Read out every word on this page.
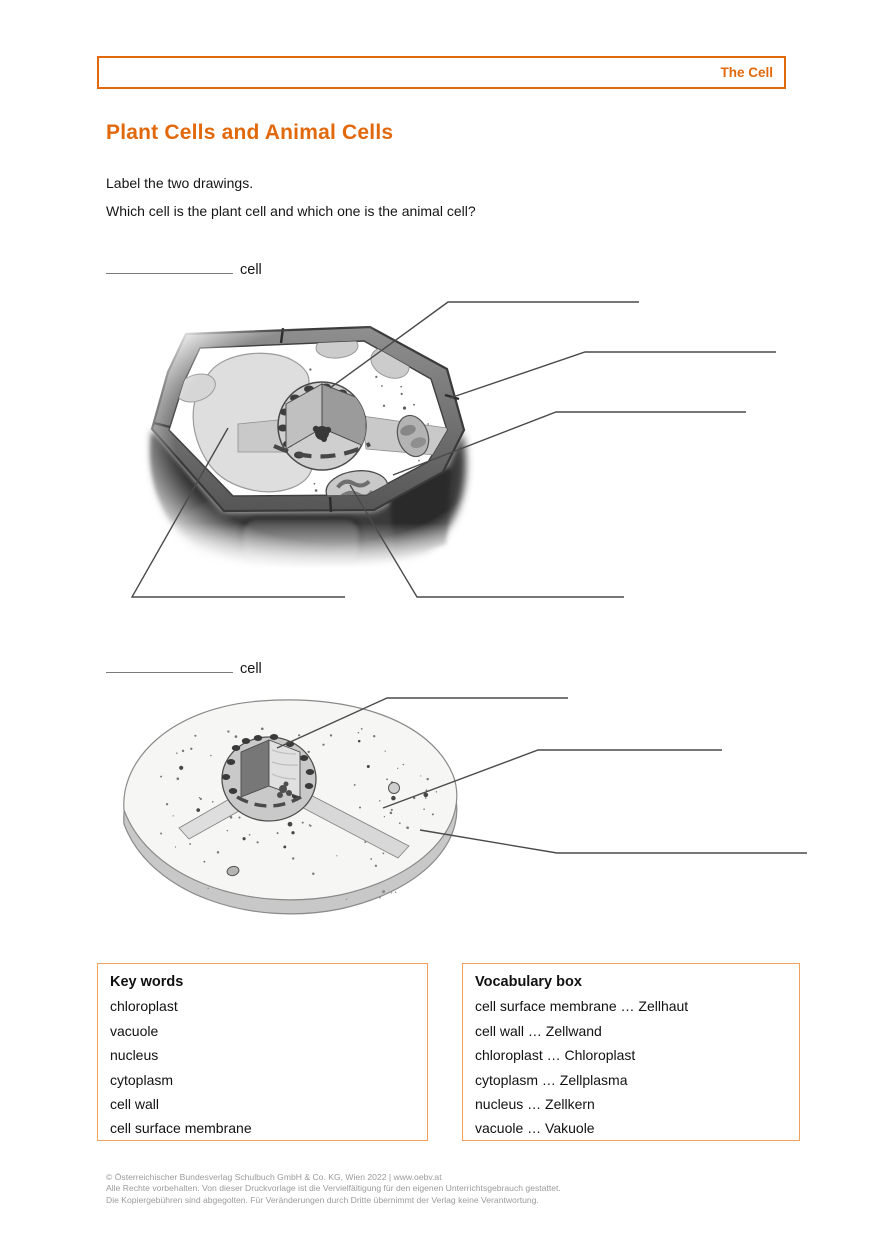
The Cell
Plant Cells and Animal Cells
Label the two drawings.
Which cell is the plant cell and which one is the animal cell?
cell
cell
Key words
chloroplast
vacuole
nucleus
cytoplasm
cell wall
cell surface membrane
Vocabulary box
cell surface membrane … Zellhaut
cell wall … Zellwand
chloroplast … Chloroplast
cytoplasm … Zellplasma
nucleus … Zellkern
vacuole … Vakuole
© Österreichischer Bundesverlag Schulbuch GmbH & Co. KG, Wien 2022 | www.oebv.at
Alle Rechte vorbehalten. Von dieser Druckvorlage ist die Vervielfältigung für den eigenen Unterrichtsgebrauch gestattet.
Die Kopiergebühren sind abgegolten. Für Veränderungen durch Dritte übernimmt der Verlag keine Verantwortung.
